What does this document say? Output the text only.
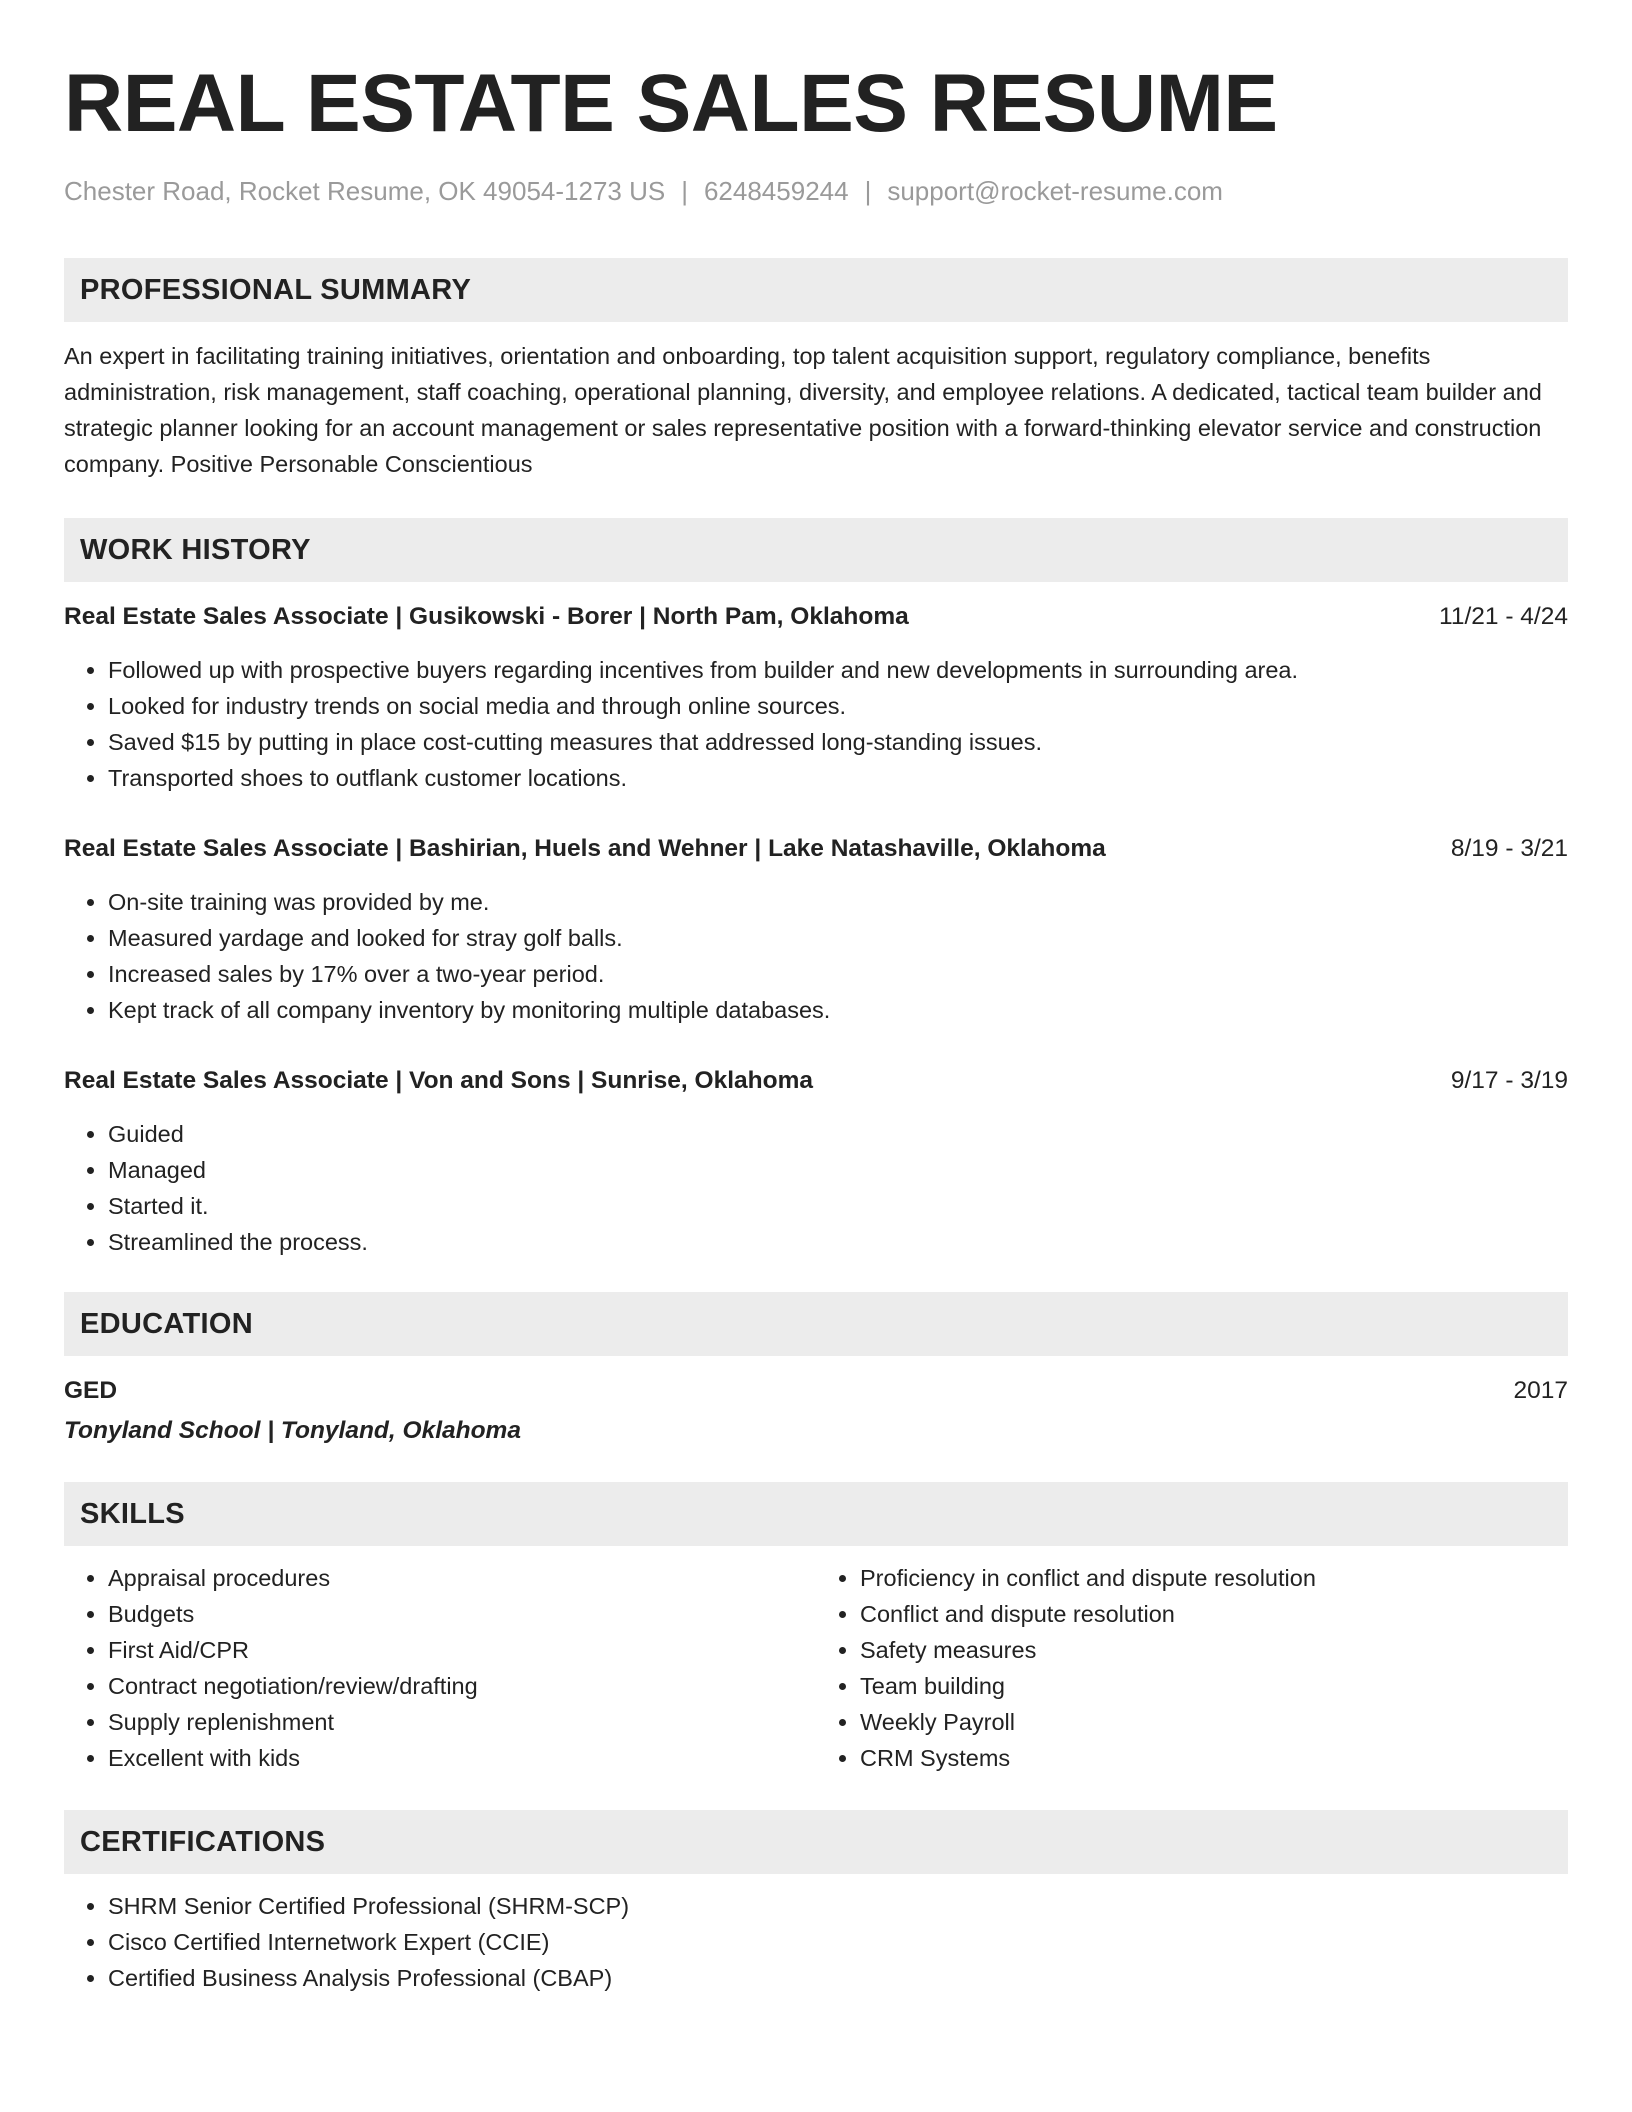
REAL ESTATE SALES RESUME
Chester Road, Rocket Resume, OK 49054-1273 US | 6248459244 | support@rocket-resume.com
PROFESSIONAL SUMMARY
An expert in facilitating training initiatives, orientation and onboarding, top talent acquisition support, regulatory compliance, benefits administration, risk management, staff coaching, operational planning, diversity, and employee relations. A dedicated, tactical team builder and strategic planner looking for an account management or sales representative position with a forward-thinking elevator service and construction company. Positive Personable Conscientious
WORK HISTORY
Real Estate Sales Associate | Gusikowski - Borer | North Pam, Oklahoma	11/21 - 4/24
• Followed up with prospective buyers regarding incentives from builder and new developments in surrounding area.
• Looked for industry trends on social media and through online sources.
• Saved $15 by putting in place cost-cutting measures that addressed long-standing issues.
• Transported shoes to outflank customer locations.
Real Estate Sales Associate | Bashirian, Huels and Wehner | Lake Natashaville, Oklahoma	8/19 - 3/21
• On-site training was provided by me.
• Measured yardage and looked for stray golf balls.
• Increased sales by 17% over a two-year period.
• Kept track of all company inventory by monitoring multiple databases.
Real Estate Sales Associate | Von and Sons | Sunrise, Oklahoma	9/17 - 3/19
• Guided
• Managed
• Started it.
• Streamlined the process.
EDUCATION
GED	2017
Tonyland School | Tonyland, Oklahoma
SKILLS
• Appraisal procedures
• Budgets
• First Aid/CPR
• Contract negotiation/review/drafting
• Supply replenishment
• Excellent with kids
• Proficiency in conflict and dispute resolution
• Conflict and dispute resolution
• Safety measures
• Team building
• Weekly Payroll
• CRM Systems
CERTIFICATIONS
• SHRM Senior Certified Professional (SHRM-SCP)
• Cisco Certified Internetwork Expert (CCIE)
• Certified Business Analysis Professional (CBAP)
